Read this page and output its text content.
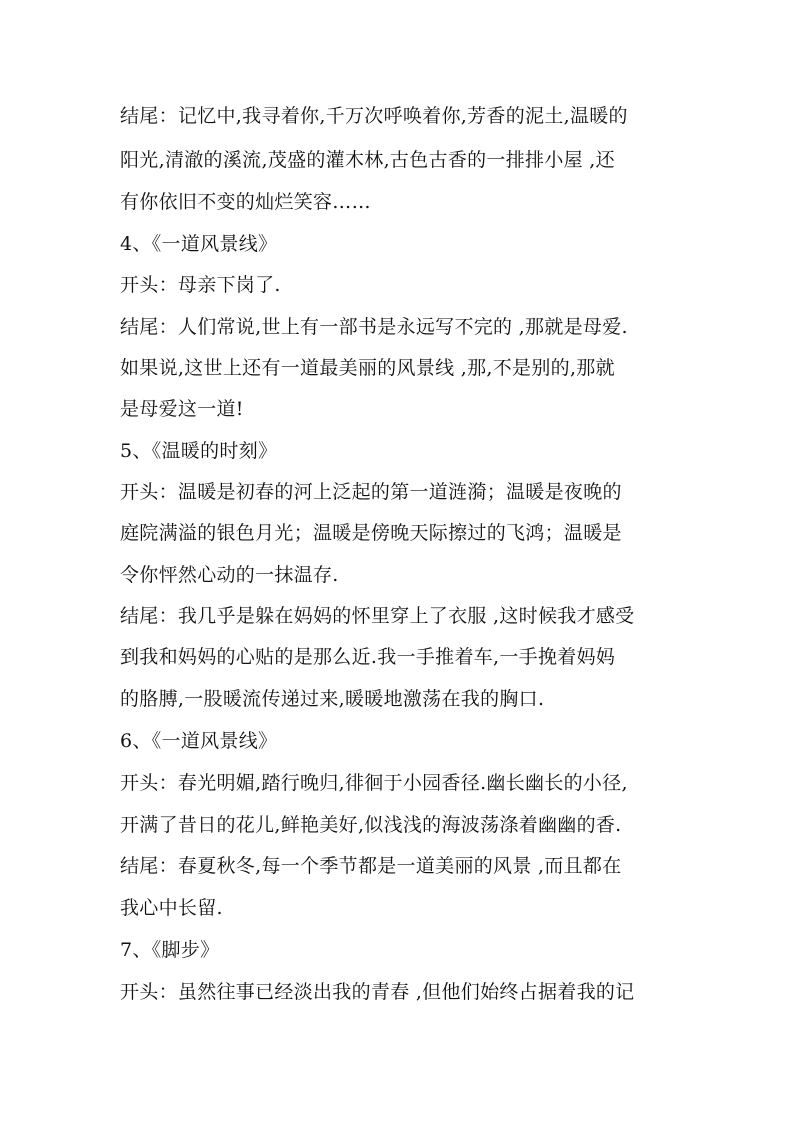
结尾：记忆中,我寻着你,千万次呼唤着你,芳香的泥土,温暖的
阳光,清澈的溪流,茂盛的灌木林,古色古香的一排排小屋 ,还
有你依旧不变的灿烂笑容……
4、《一道风景线》
开头：母亲下岗了.
结尾：人们常说,世上有一部书是永远写不完的 ,那就是母爱.
如果说,这世上还有一道最美丽的风景线 ,那,不是别的,那就
是母爱这一道!
5、《温暖的时刻》
开头：温暖是初春的河上泛起的第一道涟漪；温暖是夜晚的
庭院满溢的银色月光；温暖是傍晚天际擦过的飞鸿；温暖是
令你怦然心动的一抹温存.
结尾：我几乎是躲在妈妈的怀里穿上了衣服 ,这时候我才感受
到我和妈妈的心贴的是那么近.我一手推着车,一手挽着妈妈
的胳膊,一股暖流传递过来,暖暖地激荡在我的胸口.
6、《一道风景线》
开头：春光明媚,踏行晚归,徘徊于小园香径.幽长幽长的小径,
开满了昔日的花儿,鲜艳美好,似浅浅的海波荡涤着幽幽的香.
结尾：春夏秋冬,每一个季节都是一道美丽的风景 ,而且都在
我心中长留.
7、《脚步》
开头：虽然往事已经淡出我的青春 ,但他们始终占据着我的记
